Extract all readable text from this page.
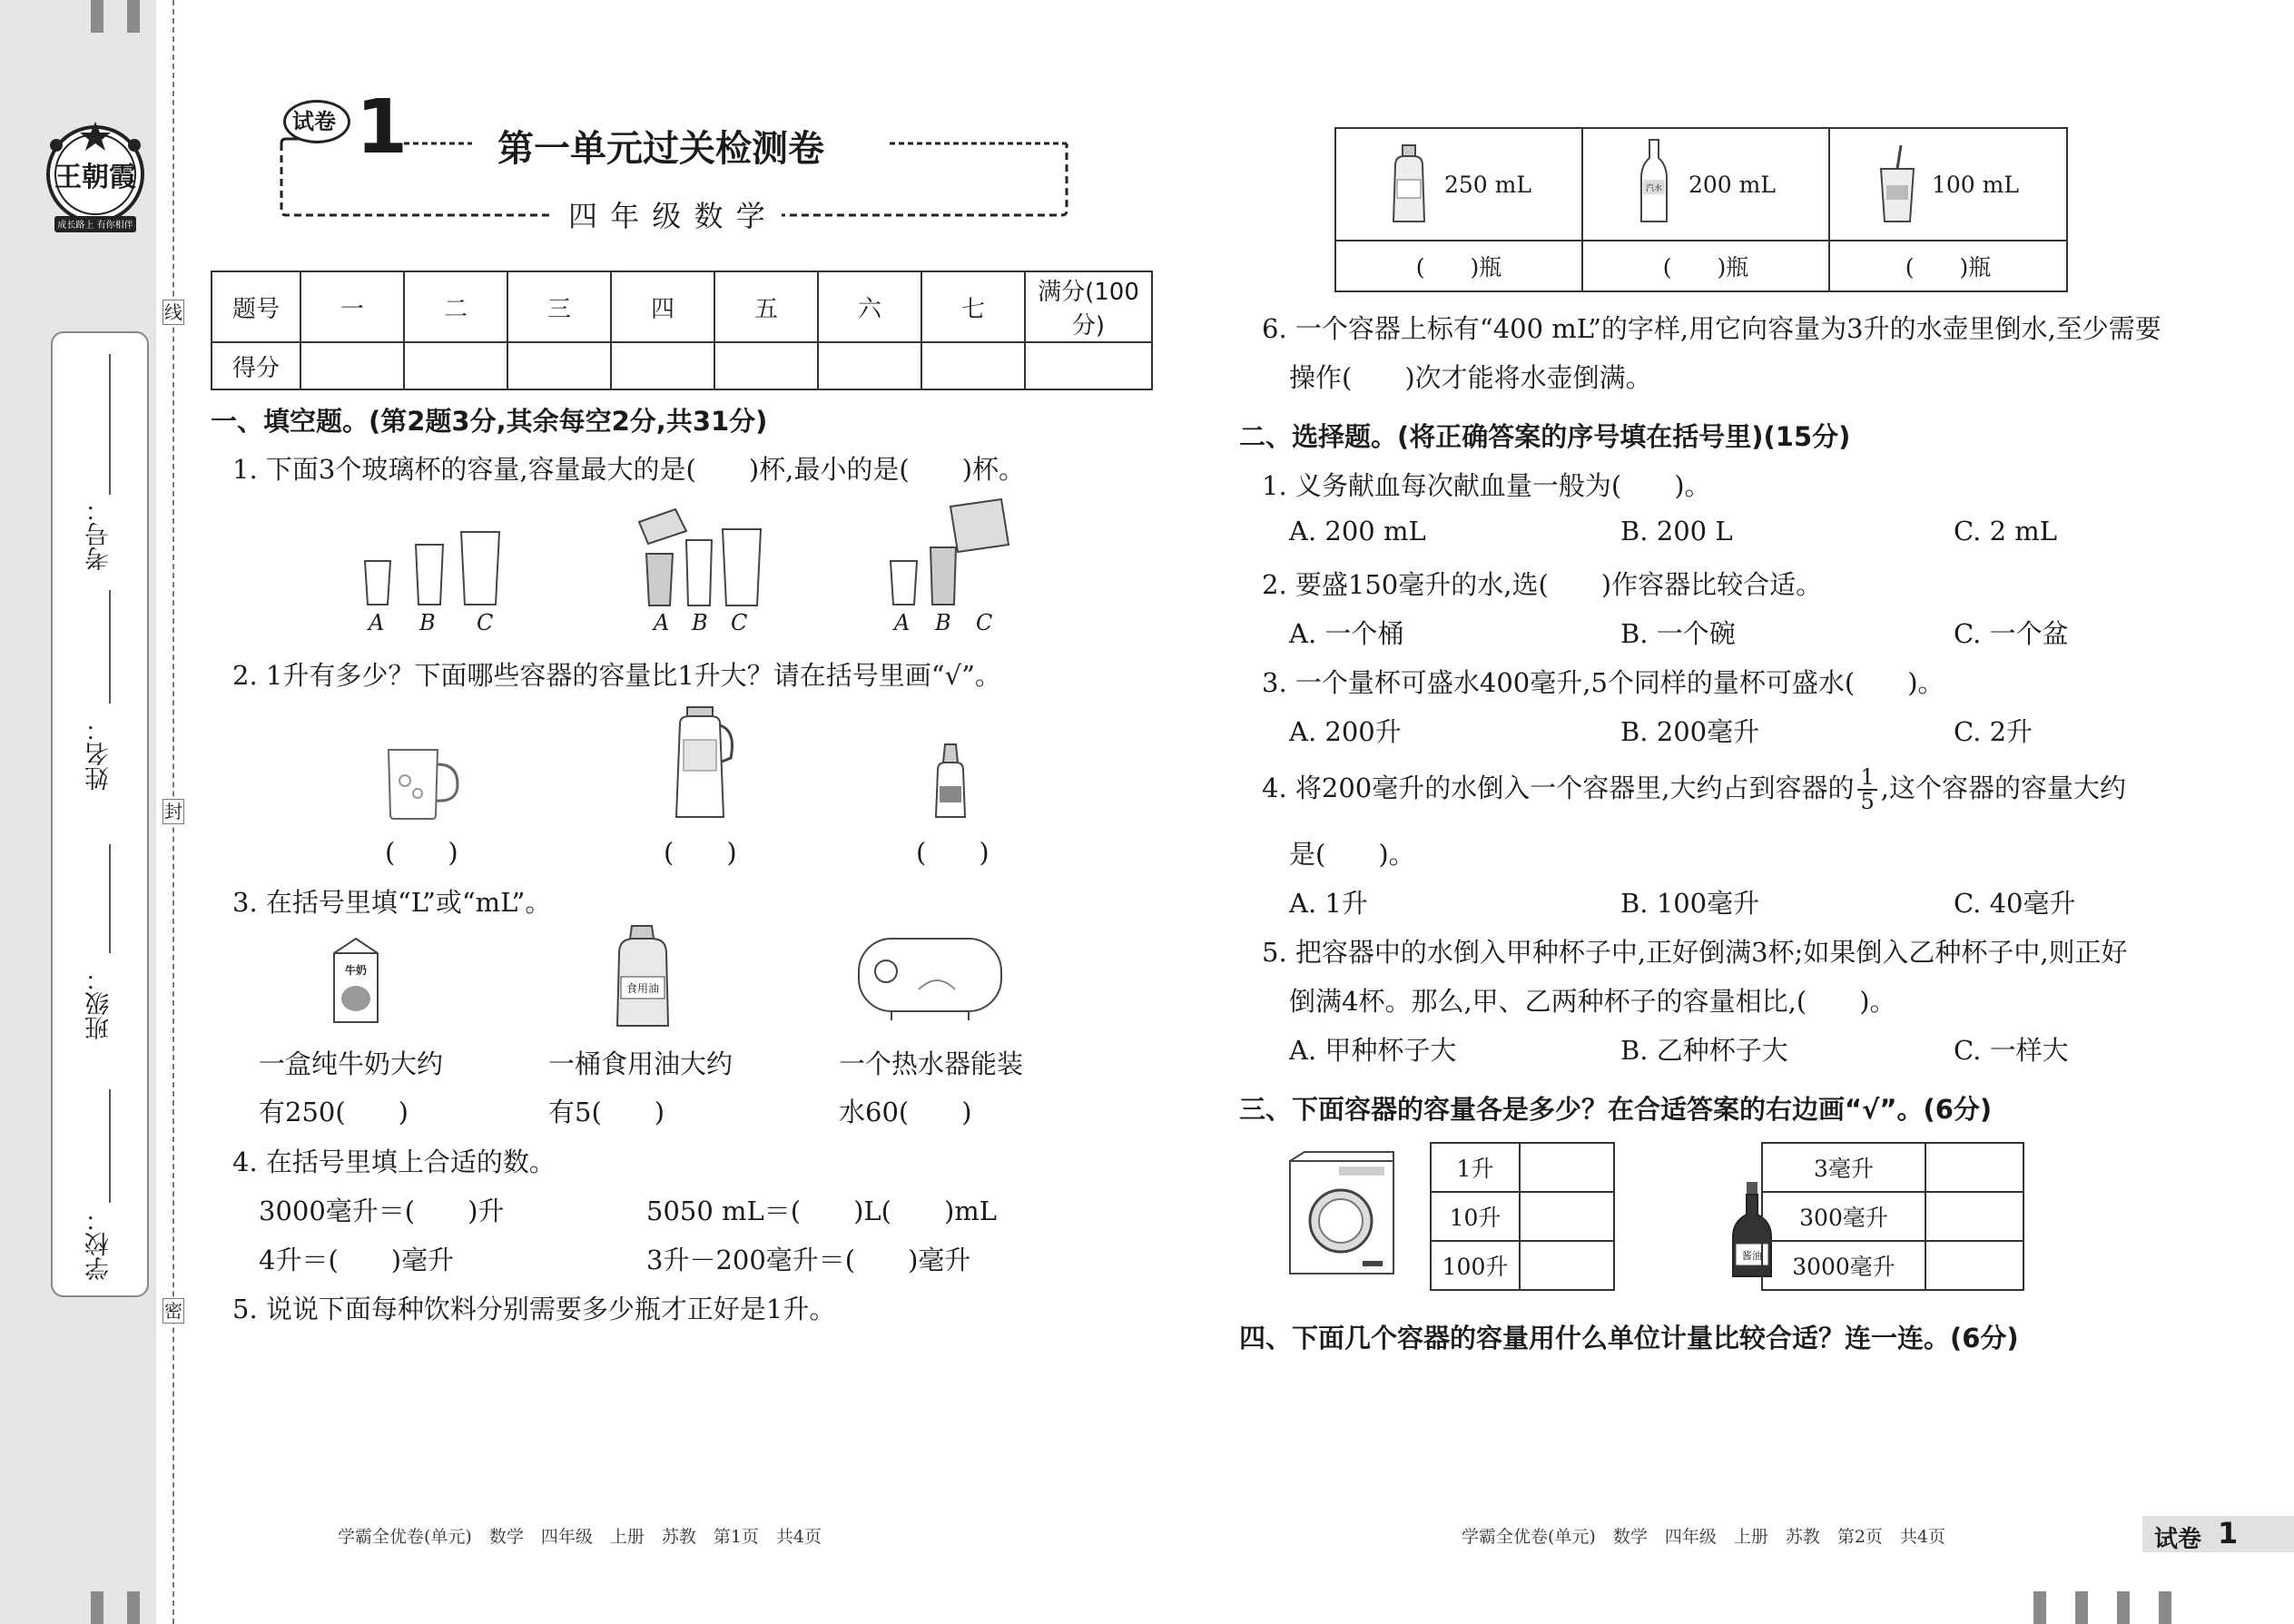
王朝霞
成长路上 有你相伴
考号：
姓名：
班级：
学校：
线
封
密
试卷 1 第一单元过关检测卷
四 年 级 数 学
题号	一	二	三	四	五	六	七	满分(100分)
得分								
一、填空题。(第2题3分,其余每空2分,共31分)
1. 下面3个玻璃杯的容量,容量最大的是(　　)杯,最小的是(　　)杯。
A B C	A B C	A B C
2. 1升有多少？下面哪些容器的容量比1升大？请在括号里画“√”。
(　　)	(　　)	(　　)
3. 在括号里填“L”或“mL”。
牛奶
食用油
一盒纯牛奶大约
有250(　　)
一桶食用油大约
有5(　　)
一个热水器能装
水60(　　)
4. 在括号里填上合适的数。
3000毫升＝(　　)升	5050 mL＝(　　)L(　　)mL
4升＝(　　)毫升	3升－200毫升＝(　　)毫升
5. 说说下面每种饮料分别需要多少瓶才正好是1升。
学霸全优卷(单元)　数学　四年级　上册　苏教　第1页　共4页
250 mL	汽水 200 mL	100 mL
(　　)瓶	(　　)瓶	(　　)瓶
6. 一个容器上标有“400 mL”的字样,用它向容量为3升的水壶里倒水,至少需要
操作(　　)次才能将水壶倒满。
二、选择题。(将正确答案的序号填在括号里)(15分)
1. 义务献血每次献血量一般为(　　)。
A. 200 mL	B. 200 L	C. 2 mL
2. 要盛150毫升的水,选(　　)作容器比较合适。
A. 一个桶	B. 一个碗	C. 一个盆
3. 一个量杯可盛水400毫升,5个同样的量杯可盛水(　　)。
A. 200升	B. 200毫升	C. 2升
4. 将200毫升的水倒入一个容器里,大约占到容器的 $\frac{1}{5}$ ,这个容器的容量大约
是(　　)。
A. 1升	B. 100毫升	C. 40毫升
5. 把容器中的水倒入甲种杯子中,正好倒满3杯;如果倒入乙种杯子中,则正好
倒满4杯。那么,甲、乙两种杯子的容量相比,(　　)。
A. 甲种杯子大	B. 乙种杯子大	C. 一样大
三、下面容器的容量各是多少？在合适答案的右边画“√”。(6分)
1升	
10升	
100升		酱油
3毫升	
300毫升	
3000毫升	
四、下面几个容器的容量用什么单位计量比较合适？连一连。(6分)
学霸全优卷(单元)　数学　四年级　上册　苏教　第2页　共4页	试卷 1
